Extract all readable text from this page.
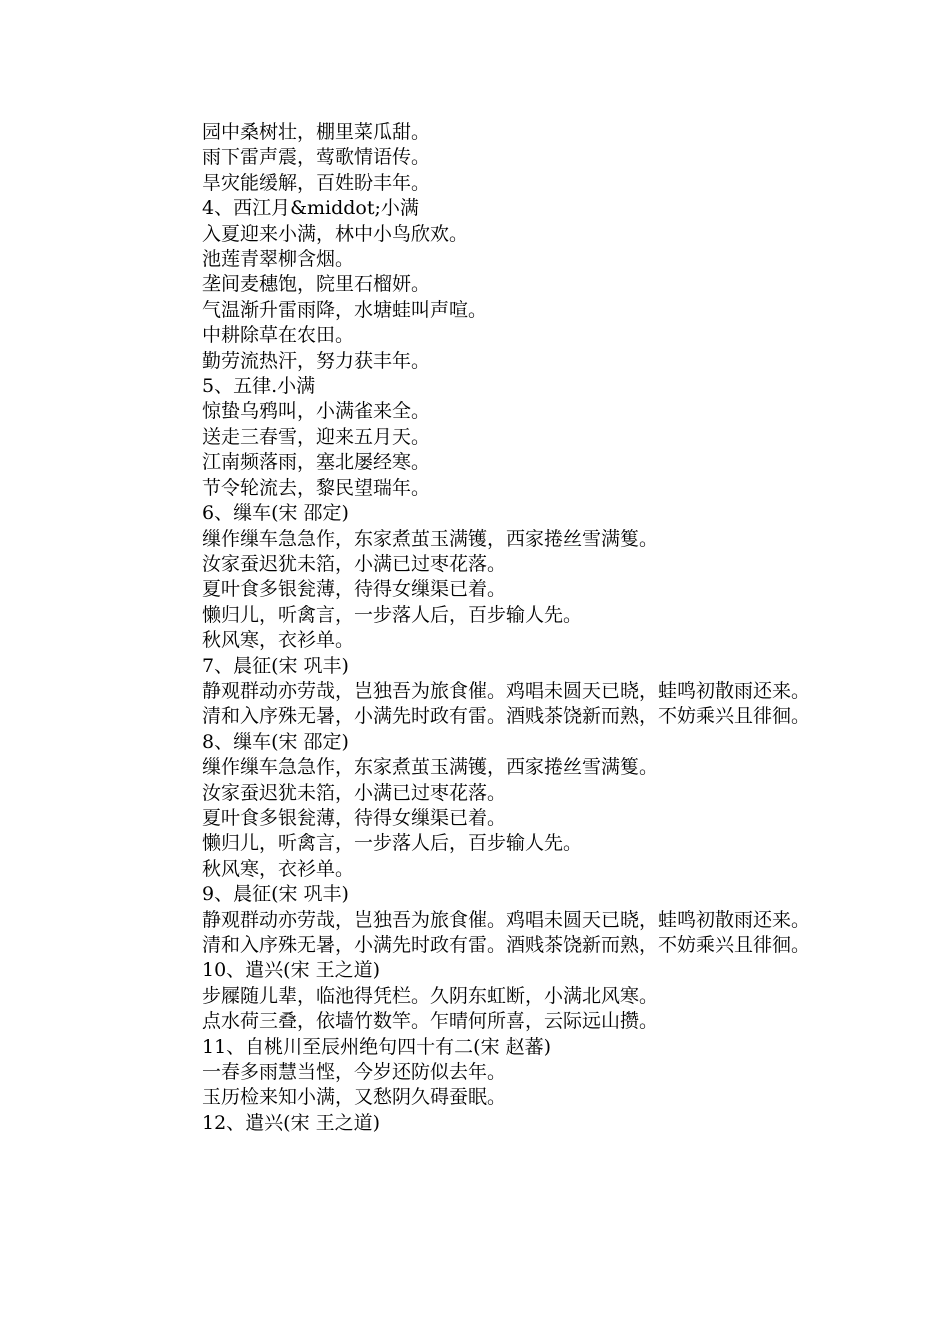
园中桑树壮，棚里菜瓜甜。

雨下雷声震，莺歌情语传。

旱灾能缓解，百姓盼丰年。

4、西江月&middot;小满

入夏迎来小满，林中小鸟欣欢。

池莲青翠柳含烟。

垄间麦穗饱，院里石榴妍。

气温渐升雷雨降，水塘蛙叫声喧。

中耕除草在农田。

勤劳流热汗，努力获丰年。

5、五律.小满

惊蛰乌鸦叫，小满雀来全。

送走三春雪，迎来五月天。

江南频落雨，塞北屡经寒。

节令轮流去，黎民望瑞年。

6、缫车(宋 邵定)

缫作缫车急急作，东家煮茧玉满镬，西家捲丝雪满篗。

汝家蚕迟犹未箔，小满已过枣花落。

夏叶食多银瓮薄，待得女缫渠已着。

懒归儿，听禽言，一步落人后，百步输人先。

秋风寒，衣衫单。

7、晨征(宋 巩丰)

静观群动亦劳哉，岂独吾为旅食催。鸡唱未圆天已晓，蛙鸣初散雨还来。

清和入序殊无暑，小满先时政有雷。酒贱茶饶新而熟，不妨乘兴且徘徊。

8、缫车(宋 邵定)

缫作缫车急急作，东家煮茧玉满镬，西家捲丝雪满篗。

汝家蚕迟犹未箔，小满已过枣花落。

夏叶食多银瓮薄，待得女缫渠已着。

懒归儿，听禽言，一步落人后，百步输人先。

秋风寒，衣衫单。

9、晨征(宋 巩丰)

静观群动亦劳哉，岂独吾为旅食催。鸡唱未圆天已晓，蛙鸣初散雨还来。

清和入序殊无暑，小满先时政有雷。酒贱茶饶新而熟，不妨乘兴且徘徊。

10、遣兴(宋 王之道)

步屧随儿辈，临池得凭栏。久阴东虹断，小满北风寒。

点水荷三叠，依墙竹数竿。乍晴何所喜，云际远山攒。

11、自桃川至辰州绝句四十有二(宋 赵蕃)

一春多雨慧当悭，今岁还防似去年。

玉历检来知小满，又愁阴久碍蚕眠。

12、遣兴(宋 王之道)
